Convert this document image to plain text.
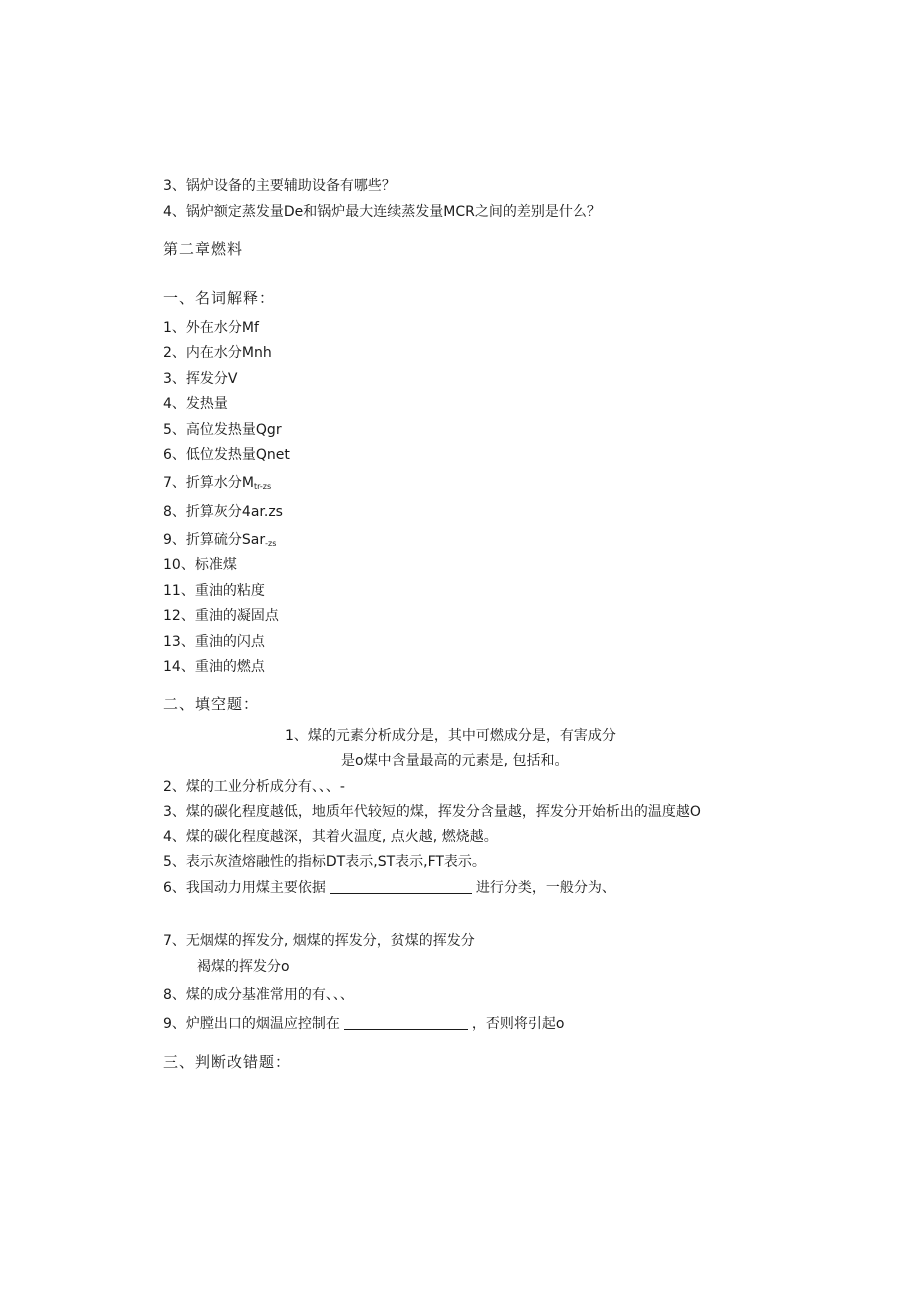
3、锅炉设备的主要辅助设备有哪些？
4、锅炉额定蒸发量De和锅炉最大连续蒸发量MCR之间的差别是什么？
第二章燃料
一、名词解释：
1、外在水分Mf
2、内在水分Mnh
3、挥发分V
4、发热量
5、高位发热量Qgr
6、低位发热量Qnet
7、折算水分$M_{tr-zs}$
8、折算灰分4ar.zs
9、折算硫分Sar$_{-zs}$
10、标准煤
11、重油的粘度
12、重油的凝固点
13、重油的闪点
14、重油的燃点
二、填空题：
1、煤的元素分析成分是，其中可燃成分是，有害成分
是o煤中含量最高的元素是, 包括和。
2、煤的工业分析成分有、、、-
3、煤的碳化程度越低，地质年代较短的煤，挥发分含量越，挥发分开始析出的温度越O
4、煤的碳化程度越深，其着火温度, 点火越, 燃烧越。
5、表示灰渣熔融性的指标DT表示,ST表示,FT表示。
6、我国动力用煤主要依据	进行分类，一般分为、
7、无烟煤的挥发分, 烟煤的挥发分，贫煤的挥发分
褐煤的挥发分o
8、煤的成分基准常用的有、、、
9、炉膛出口的烟温应控制在	，否则将引起o
三、判断改错题：
